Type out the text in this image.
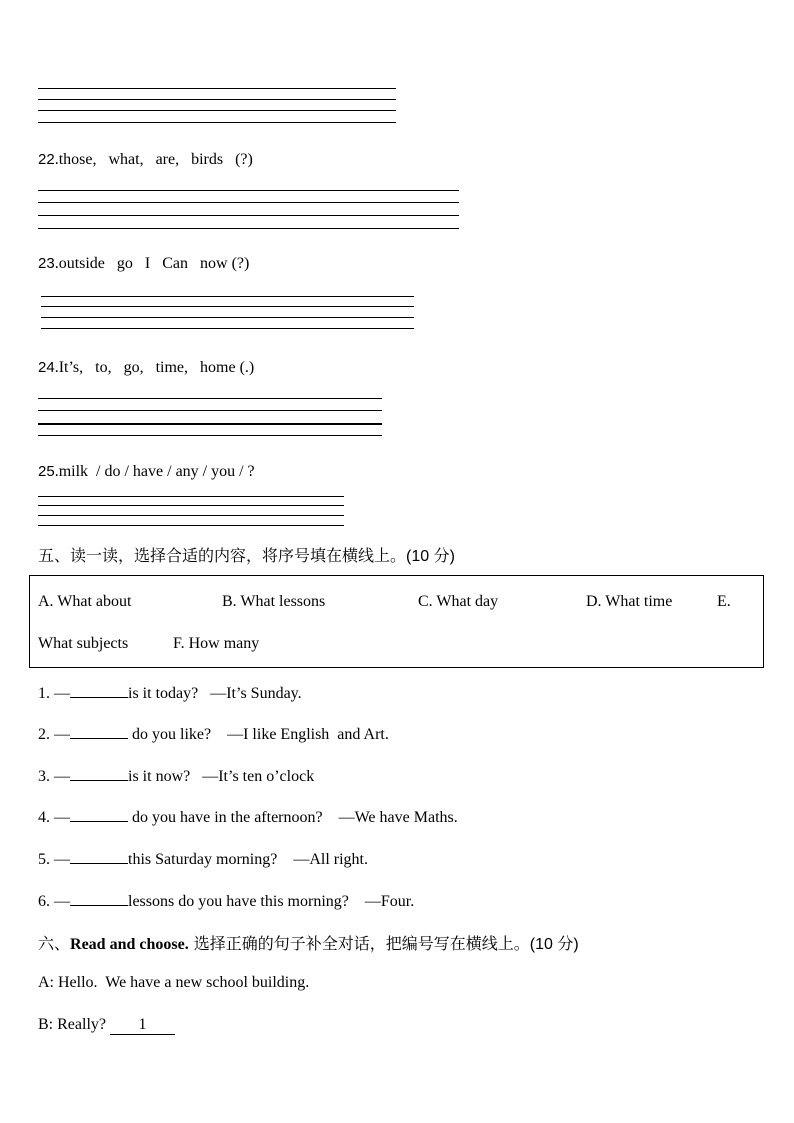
22.those,   what,   are,   birds   (?)
23.outside   go   I   Can   now (?)
24.It’s,   to,   go,   time,   home (.)
25.milk  / do / have / any / you / ?
五、读一读，选择合适的内容，将序号填在横线上。(10 分)
A. What about	B. What lessons	C. What day	D. What time	E.
What subjects	F. How many
1. —	is it today? —It’s Sunday.
2. —	do you like? —I like English  and Art.
3. —	is it now? —It’s ten o’clock
4. —	do you have in the afternoon? —We have Maths.
5. —	this Saturday morning? —All right.
6. —	lessons do you have this morning? —Four.
六、Read and choose. 选择正确的句子补全对话，把编号写在横线上。(10 分)
A: Hello.  We have a new school building.
B: Really? 1
